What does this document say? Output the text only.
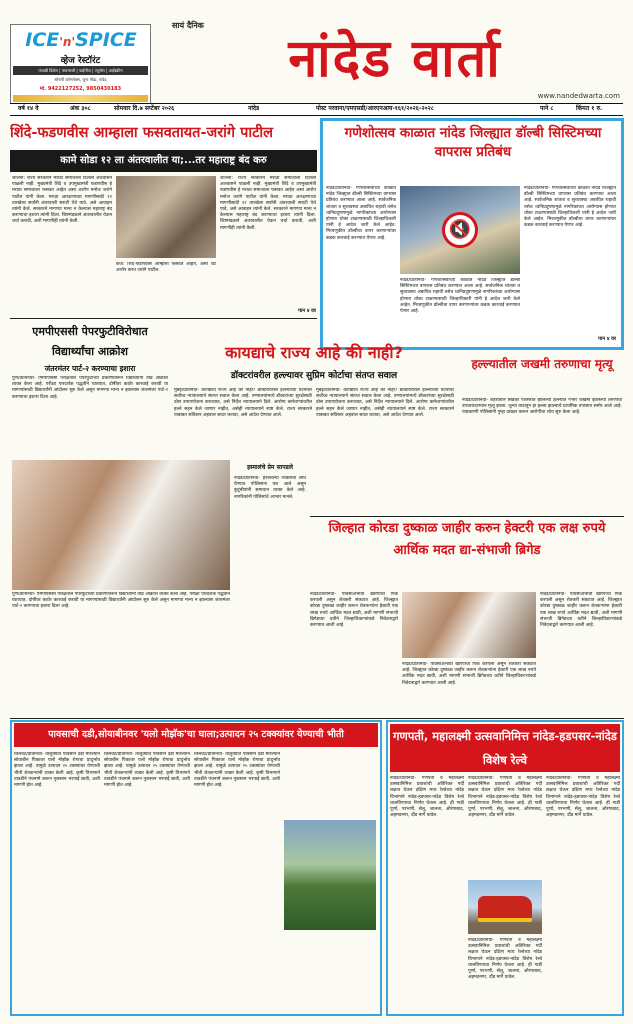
ICE'n'SPICE
व्हेज रेस्टॉरंट
पंजाबी डिशेस | पावभाजी | चाईनीज | ज्युसेस | आईस्क्रीम
सोनारी कॉम्प्लेक्स, जुना मोंढा, नांदेड
मो. 9422127252, 9850430183
सायं दैनिक
नांदेड वार्ता
www.nandedwarta.com
वर्ष १४ वे	अंक ३०८	सोमवार दि.७ सप्टेंबर २०२६	नांदेड	पोस्ट परवाना/एमएसडी/आरएनआय-१६१/२०२६-२०२८	पाने ८	किंमत १ रु.
शिंदे-फडणवीस आम्हाला फसवतायत-जरांगे पाटील
कामे सोडा १२ ला अंतरवालीत या;...तर महाराष्ट्र बंद करु
जालना: राज्य सरकारने मराठा समाजाला दिलेली आश्वासने पाळली नाही. मुख्यमंत्री शिंदे व उपमुख्यमंत्री फडणवीस हे मराठा समाजाला फसवत आहेत असा आरोप मनोज जरांगे पाटील यांनी केला. मराठा आरक्षणाच्या मागणीसाठी १२ तारखेला सर्वांनी अंतरवाली सराटी येथे यावे, असे आवाहन त्यांनी केले. सरकारने मागण्या मान्य न केल्यास महाराष्ट्र बंद करण्याचा इशारा त्यांनी दिला. शिष्टमंडळाने अंतरवालीत येऊन चर्चा करावी, अशी मागणीही त्यांनी केली.
केज: शिंदे-फडणवीस आम्हाला फसवत आहेत, असा थेट आरोप करत जरांगे पाटील.
जालना: राज्य सरकारने मराठा समाजाला दिलेली आश्वासने पाळली नाही. मुख्यमंत्री शिंदे व उपमुख्यमंत्री फडणवीस हे मराठा समाजाला फसवत आहेत असा आरोप मनोज जरांगे पाटील यांनी केला. मराठा आरक्षणाच्या मागणीसाठी १२ तारखेला सर्वांनी अंतरवाली सराटी येथे यावे, असे आवाहन त्यांनी केले. सरकारने मागण्या मान्य न केल्यास महाराष्ट्र बंद करण्याचा इशारा त्यांनी दिला. शिष्टमंडळाने अंतरवालीत येऊन चर्चा करावी, अशी मागणीही त्यांनी केली.
पान ४ वर
गणेशोत्सव काळात नांदेड जिल्ह्यात डॉल्बी सिस्टिमच्या वापरास प्रतिबंध
नांदेड/प्रतिनिधी- गणेशोत्सवाच्या काळात नांदेड जिल्ह्यात डॉल्बी सिस्टिमच्या वापरास प्रतिबंध करण्यात आला आहे. सार्वजनिक शांतता व सुव्यवस्था अबाधित राहावी तसेच ध्वनिप्रदूषणामुळे नागरिकांच्या आरोग्यास होणारा धोका टाळण्यासाठी जिल्हाधिकारी यांनी हे आदेश जारी केले आहेत. मिरवणुकीत डॉल्बीचा वापर करणाऱ्यांवर कडक कारवाई करण्यात येणार आहे.	🔇
नांदेड/प्रतिनिधी- गणेशोत्सवाच्या काळात नांदेड जिल्ह्यात डॉल्बी सिस्टिमच्या वापरास प्रतिबंध करण्यात आला आहे. सार्वजनिक शांतता व सुव्यवस्था अबाधित राहावी तसेच ध्वनिप्रदूषणामुळे नागरिकांच्या आरोग्यास होणारा धोका टाळण्यासाठी जिल्हाधिकारी यांनी हे आदेश जारी केले आहेत. मिरवणुकीत डॉल्बीचा वापर करणाऱ्यांवर कडक कारवाई करण्यात येणार आहे.
नांदेड/प्रतिनिधी- गणेशोत्सवाच्या काळात नांदेड जिल्ह्यात डॉल्बी सिस्टिमच्या वापरास प्रतिबंध करण्यात आला आहे. सार्वजनिक शांतता व सुव्यवस्था अबाधित राहावी तसेच ध्वनिप्रदूषणामुळे नागरिकांच्या आरोग्यास होणारा धोका टाळण्यासाठी जिल्हाधिकारी यांनी हे आदेश जारी केले आहेत. मिरवणुकीत डॉल्बीचा वापर करणाऱ्यांवर कडक कारवाई करण्यात येणार आहे.
पान ४ वर
एमपीएससी पेपरफुटीविरोधात विद्यार्थ्यांचा आक्रोश
जंतरमंतर पार्ट-२ करण्याचा इशारा
पुणे/प्रतिनिधी- एमपीएससी परीक्षेतील पेपरफुटीच्या प्रकरणावरून विद्यार्थ्यांनी तीव्र आक्रोश व्यक्त केला आहे. परीक्षा पारदर्शक पद्धतीने घ्याव्यात, दोषींवर कठोर कारवाई करावी या मागण्यांसाठी विद्यार्थ्यांनी आंदोलन सुरु केले असून मागण्या मान्य न झाल्यास जंतरमंतर पार्ट-२ करण्याचा इशारा दिला आहे.
पुणे/प्रतिनिधी- एमपीएससी परीक्षेतील पेपरफुटीच्या प्रकरणावरून विद्यार्थ्यांनी तीव्र आक्रोश व्यक्त केला आहे. परीक्षा पारदर्शक पद्धतीने घ्याव्यात, दोषींवर कठोर कारवाई करावी या मागण्यांसाठी विद्यार्थ्यांनी आंदोलन सुरु केले असून मागण्या मान्य न झाल्यास जंतरमंतर पार्ट-२ करण्याचा इशारा दिला आहे.
कायद्याचे राज्य आहे की नाही?
डॉक्टरांवरील हल्ल्यावर सुप्रिम कोर्टाचा संतप्त सवाल
मुंबई/प्रतिनिधी- कायद्याचे राज्य आहे की नाही? डॉक्टरांवरील हल्ल्यांच्या घटनांवर सर्वोच्च न्यायालयाने संतप्त सवाल केला आहे. रुग्णालयांमध्ये डॉक्टरांच्या सुरक्षेसाठी ठोस उपाययोजना कराव्यात, असे निर्देश न्यायालयाने दिले. आरोग्य कर्मचाऱ्यांवरील हल्ले सहन केले जाणार नाहीत, असेही न्यायालयाने स्पष्ट केले. राज्य सरकारने याबाबत सविस्तर अहवाल सादर करावा, असे आदेश देण्यात आले.
मुंबई/प्रतिनिधी- कायद्याचे राज्य आहे की नाही? डॉक्टरांवरील हल्ल्यांच्या घटनांवर सर्वोच्च न्यायालयाने संतप्त सवाल केला आहे. रुग्णालयांमध्ये डॉक्टरांच्या सुरक्षेसाठी ठोस उपाययोजना कराव्यात, असे निर्देश न्यायालयाने दिले. आरोग्य कर्मचाऱ्यांवरील हल्ले सहन केले जाणार नाहीत, असेही न्यायालयाने स्पष्ट केले. राज्य सरकारने याबाबत सविस्तर अहवाल सादर करावा, असे आदेश देण्यात आले.
हल्ल्यातील जखमी तरुणाचा मृत्यू
नांदेड/प्रतिनिधी- शहरातील सिडको परिसरात झालेल्या हल्ल्यात गंभीर जखमी झालेल्या तरुणाचा उपचारादरम्यान मृत्यू झाला. जुन्या वादातून हा हल्ला झाल्याचे प्राथमिक तपासात समोर आले आहे. याप्रकरणी पोलिसांनी गुन्हा दाखल करून आरोपींचा शोध सुरु केला आहे.
इस्मालंचे प्रेम सापडले
नांदेड/प्रतिनिधी- हरवलेल्या व्यक्तीचा शोध घेण्यात पोलिसांना यश आले असून कुटुंबीयांनी समाधान व्यक्त केले आहे. नागरिकांनी पोलिसांचे आभार मानले.
जिल्हात कोरडा दुष्काळ जाहीर करुन हेक्टरी एक लक्ष रुपये आर्थिक मदत द्या-संभाजी ब्रिगेड
नांदेड/प्रतिनिधी- पावसाअभावी खरिपाची पिके करपली असून शेतकरी संकटात आहे. जिल्ह्यात कोरडा दुष्काळ जाहीर करून शेतकऱ्यांना हेक्टरी एक लाख रुपये आर्थिक मदत द्यावी, अशी मागणी संभाजी ब्रिगेडच्या वतीने जिल्हाधिकाऱ्यांकडे निवेदनाद्वारे करण्यात आली आहे.
नांदेड/प्रतिनिधी- पावसाअभावी खरिपाची पिके करपली असून शेतकरी संकटात आहे. जिल्ह्यात कोरडा दुष्काळ जाहीर करून शेतकऱ्यांना हेक्टरी एक लाख रुपये आर्थिक मदत द्यावी, अशी मागणी संभाजी ब्रिगेडच्या वतीने जिल्हाधिकाऱ्यांकडे निवेदनाद्वारे करण्यात आली आहे.
नांदेड/प्रतिनिधी- पावसाअभावी खरिपाची पिके करपली असून शेतकरी संकटात आहे. जिल्ह्यात कोरडा दुष्काळ जाहीर करून शेतकऱ्यांना हेक्टरी एक लाख रुपये आर्थिक मदत द्यावी, अशी मागणी संभाजी ब्रिगेडच्या वतीने जिल्हाधिकाऱ्यांकडे निवेदनाद्वारे करण्यात आली आहे.
पावसाची दडी,सोयाबीनवर 'यलो मोझॅक'चा घाला;उत्पादन २५ टक्क्यांवर येण्याची भीती
किनवट/प्रतिनिधी- तालुक्यात पावसाने दडी मारल्याने सोयाबीन पिकावर यलो मोझॅक रोगाचा प्रादुर्भाव झाला आहे. यामुळे उत्पादन २५ टक्क्यांवर येण्याची भीती शेतकऱ्यांनी व्यक्त केली आहे. कृषी विभागाने तातडीने पंचनामे करून नुकसान भरपाई द्यावी, अशी मागणी होत आहे.
किनवट/प्रतिनिधी- तालुक्यात पावसाने दडी मारल्याने सोयाबीन पिकावर यलो मोझॅक रोगाचा प्रादुर्भाव झाला आहे. यामुळे उत्पादन २५ टक्क्यांवर येण्याची भीती शेतकऱ्यांनी व्यक्त केली आहे. कृषी विभागाने तातडीने पंचनामे करून नुकसान भरपाई द्यावी, अशी मागणी होत आहे.
किनवट/प्रतिनिधी- तालुक्यात पावसाने दडी मारल्याने सोयाबीन पिकावर यलो मोझॅक रोगाचा प्रादुर्भाव झाला आहे. यामुळे उत्पादन २५ टक्क्यांवर येण्याची भीती शेतकऱ्यांनी व्यक्त केली आहे. कृषी विभागाने तातडीने पंचनामे करून नुकसान भरपाई द्यावी, अशी मागणी होत आहे.
गणपती, महालक्ष्मी उत्सवानिमित्त नांदेड-हडपसर-नांदेड विशेष रेल्वे
नांदेड/प्रतिनिधी- गणपती व महालक्ष्मी उत्सवानिमित्त प्रवाशांची अतिरिक्त गर्दी लक्षात घेऊन दक्षिण मध्य रेल्वेच्या नांदेड विभागाने नांदेड-हडपसर-नांदेड विशेष रेल्वे चालविण्याचा निर्णय घेतला आहे. ही गाडी पूर्णा, परभणी, सेलू, जालना, औरंगाबाद, अहमदनगर, दौंड मार्गे धावेल.
नांदेड/प्रतिनिधी- गणपती व महालक्ष्मी उत्सवानिमित्त प्रवाशांची अतिरिक्त गर्दी लक्षात घेऊन दक्षिण मध्य रेल्वेच्या नांदेड विभागाने नांदेड-हडपसर-नांदेड विशेष रेल्वे चालविण्याचा निर्णय घेतला आहे. ही गाडी पूर्णा, परभणी, सेलू, जालना, औरंगाबाद, अहमदनगर, दौंड मार्गे धावेल.
नांदेड/प्रतिनिधी- गणपती व महालक्ष्मी उत्सवानिमित्त प्रवाशांची अतिरिक्त गर्दी लक्षात घेऊन दक्षिण मध्य रेल्वेच्या नांदेड विभागाने नांदेड-हडपसर-नांदेड विशेष रेल्वे चालविण्याचा निर्णय घेतला आहे. ही गाडी पूर्णा, परभणी, सेलू, जालना, औरंगाबाद, अहमदनगर, दौंड मार्गे धावेल.
नांदेड/प्रतिनिधी- गणपती व महालक्ष्मी उत्सवानिमित्त प्रवाशांची अतिरिक्त गर्दी लक्षात घेऊन दक्षिण मध्य रेल्वेच्या नांदेड विभागाने नांदेड-हडपसर-नांदेड विशेष रेल्वे चालविण्याचा निर्णय घेतला आहे. ही गाडी पूर्णा, परभणी, सेलू, जालना, औरंगाबाद, अहमदनगर, दौंड मार्गे धावेल.
